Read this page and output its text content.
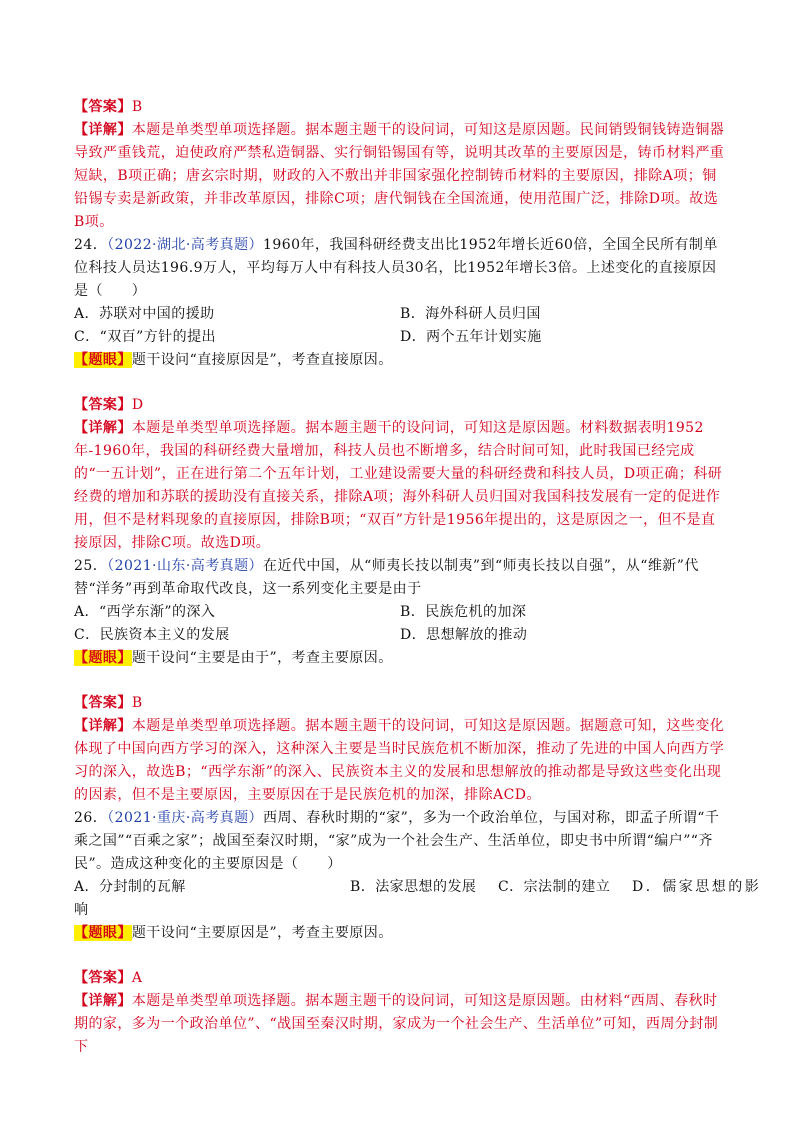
【答案】B

【详解】本题是单类型单项选择题。据本题主题干的设问词，可知这是原因题。民间销毁铜钱铸造铜器导致严重钱荒，迫使政府严禁私造铜器、实行铜铅锡国有等，说明其改革的主要原因是，铸币材料严重短缺，B项正确；唐玄宗时期，财政的入不敷出并非国家强化控制铸币材料的主要原因，排除A项；铜铅锡专卖是新政策，并非改革原因，排除C项；唐代铜钱在全国流通，使用范围广泛，排除D项。故选B项。

24．（2022·湖北·高考真题）1960年，我国科研经费支出比1952年增长近60倍，全国全民所有制单位科技人员达196.9万人，平均每万人中有科技人员30名，比1952年增长3倍。上述变化的直接原因是（　　）

A．苏联对中国的援助	B．海外科研人员归国
C．“双百”方针的提出	D．两个五年计划实施

【题眼】题干设问“直接原因是”，考查直接原因。

【答案】D

【详解】本题是单类型单项选择题。据本题主题干的设问词，可知这是原因题。材料数据表明1952年-1960年，我国的科研经费大量增加，科技人员也不断增多，结合时间可知，此时我国已经完成的“一五计划”，正在进行第二个五年计划，工业建设需要大量的科研经费和科技人员，D项正确；科研经费的增加和苏联的援助没有直接关系，排除A项；海外科研人员归国对我国科技发展有一定的促进作用，但不是材料现象的直接原因，排除B项；“双百”方针是1956年提出的，这是原因之一，但不是直接原因，排除C项。故选D项。

25．（2021·山东·高考真题）在近代中国，从“师夷长技以制夷”到“师夷长技以自强”，从“维新”代替“洋务”再到革命取代改良，这一系列变化主要是由于

A．“西学东渐”的深入	B．民族危机的加深
C．民族资本主义的发展	D．思想解放的推动

【题眼】题干设问“主要是由于”，考查主要原因。

【答案】B

【详解】本题是单类型单项选择题。据本题主题干的设问词，可知这是原因题。据题意可知，这些变化体现了中国向西方学习的深入，这种深入主要是当时民族危机不断加深，推动了先进的中国人向西方学习的深入，故选B；“西学东渐”的深入、民族资本主义的发展和思想解放的推动都是导致这些变化出现的因素，但不是主要原因，主要原因在于是民族危机的加深，排除ACD。

26．（2021·重庆·高考真题）西周、春秋时期的“家”，多为一个政治单位，与国对称，即孟子所谓“千乘之国”“百乘之家”；战国至秦汉时期，“家”成为一个社会生产、生活单位，即史书中所谓“编户”“齐民”。造成这种变化的主要原因是（　　）

A．分封制的瓦解	B．法家思想的发展	C．宗法制的建立	D．儒家思想的影
响

【题眼】题干设问“主要原因是”，考查主要原因。

【答案】A

【详解】本题是单类型单项选择题。据本题主题干的设问词，可知这是原因题。由材料“西周、春秋时期的家，多为一个政治单位”、“战国至秦汉时期，家成为一个社会生产、生活单位”可知，西周分封制下
